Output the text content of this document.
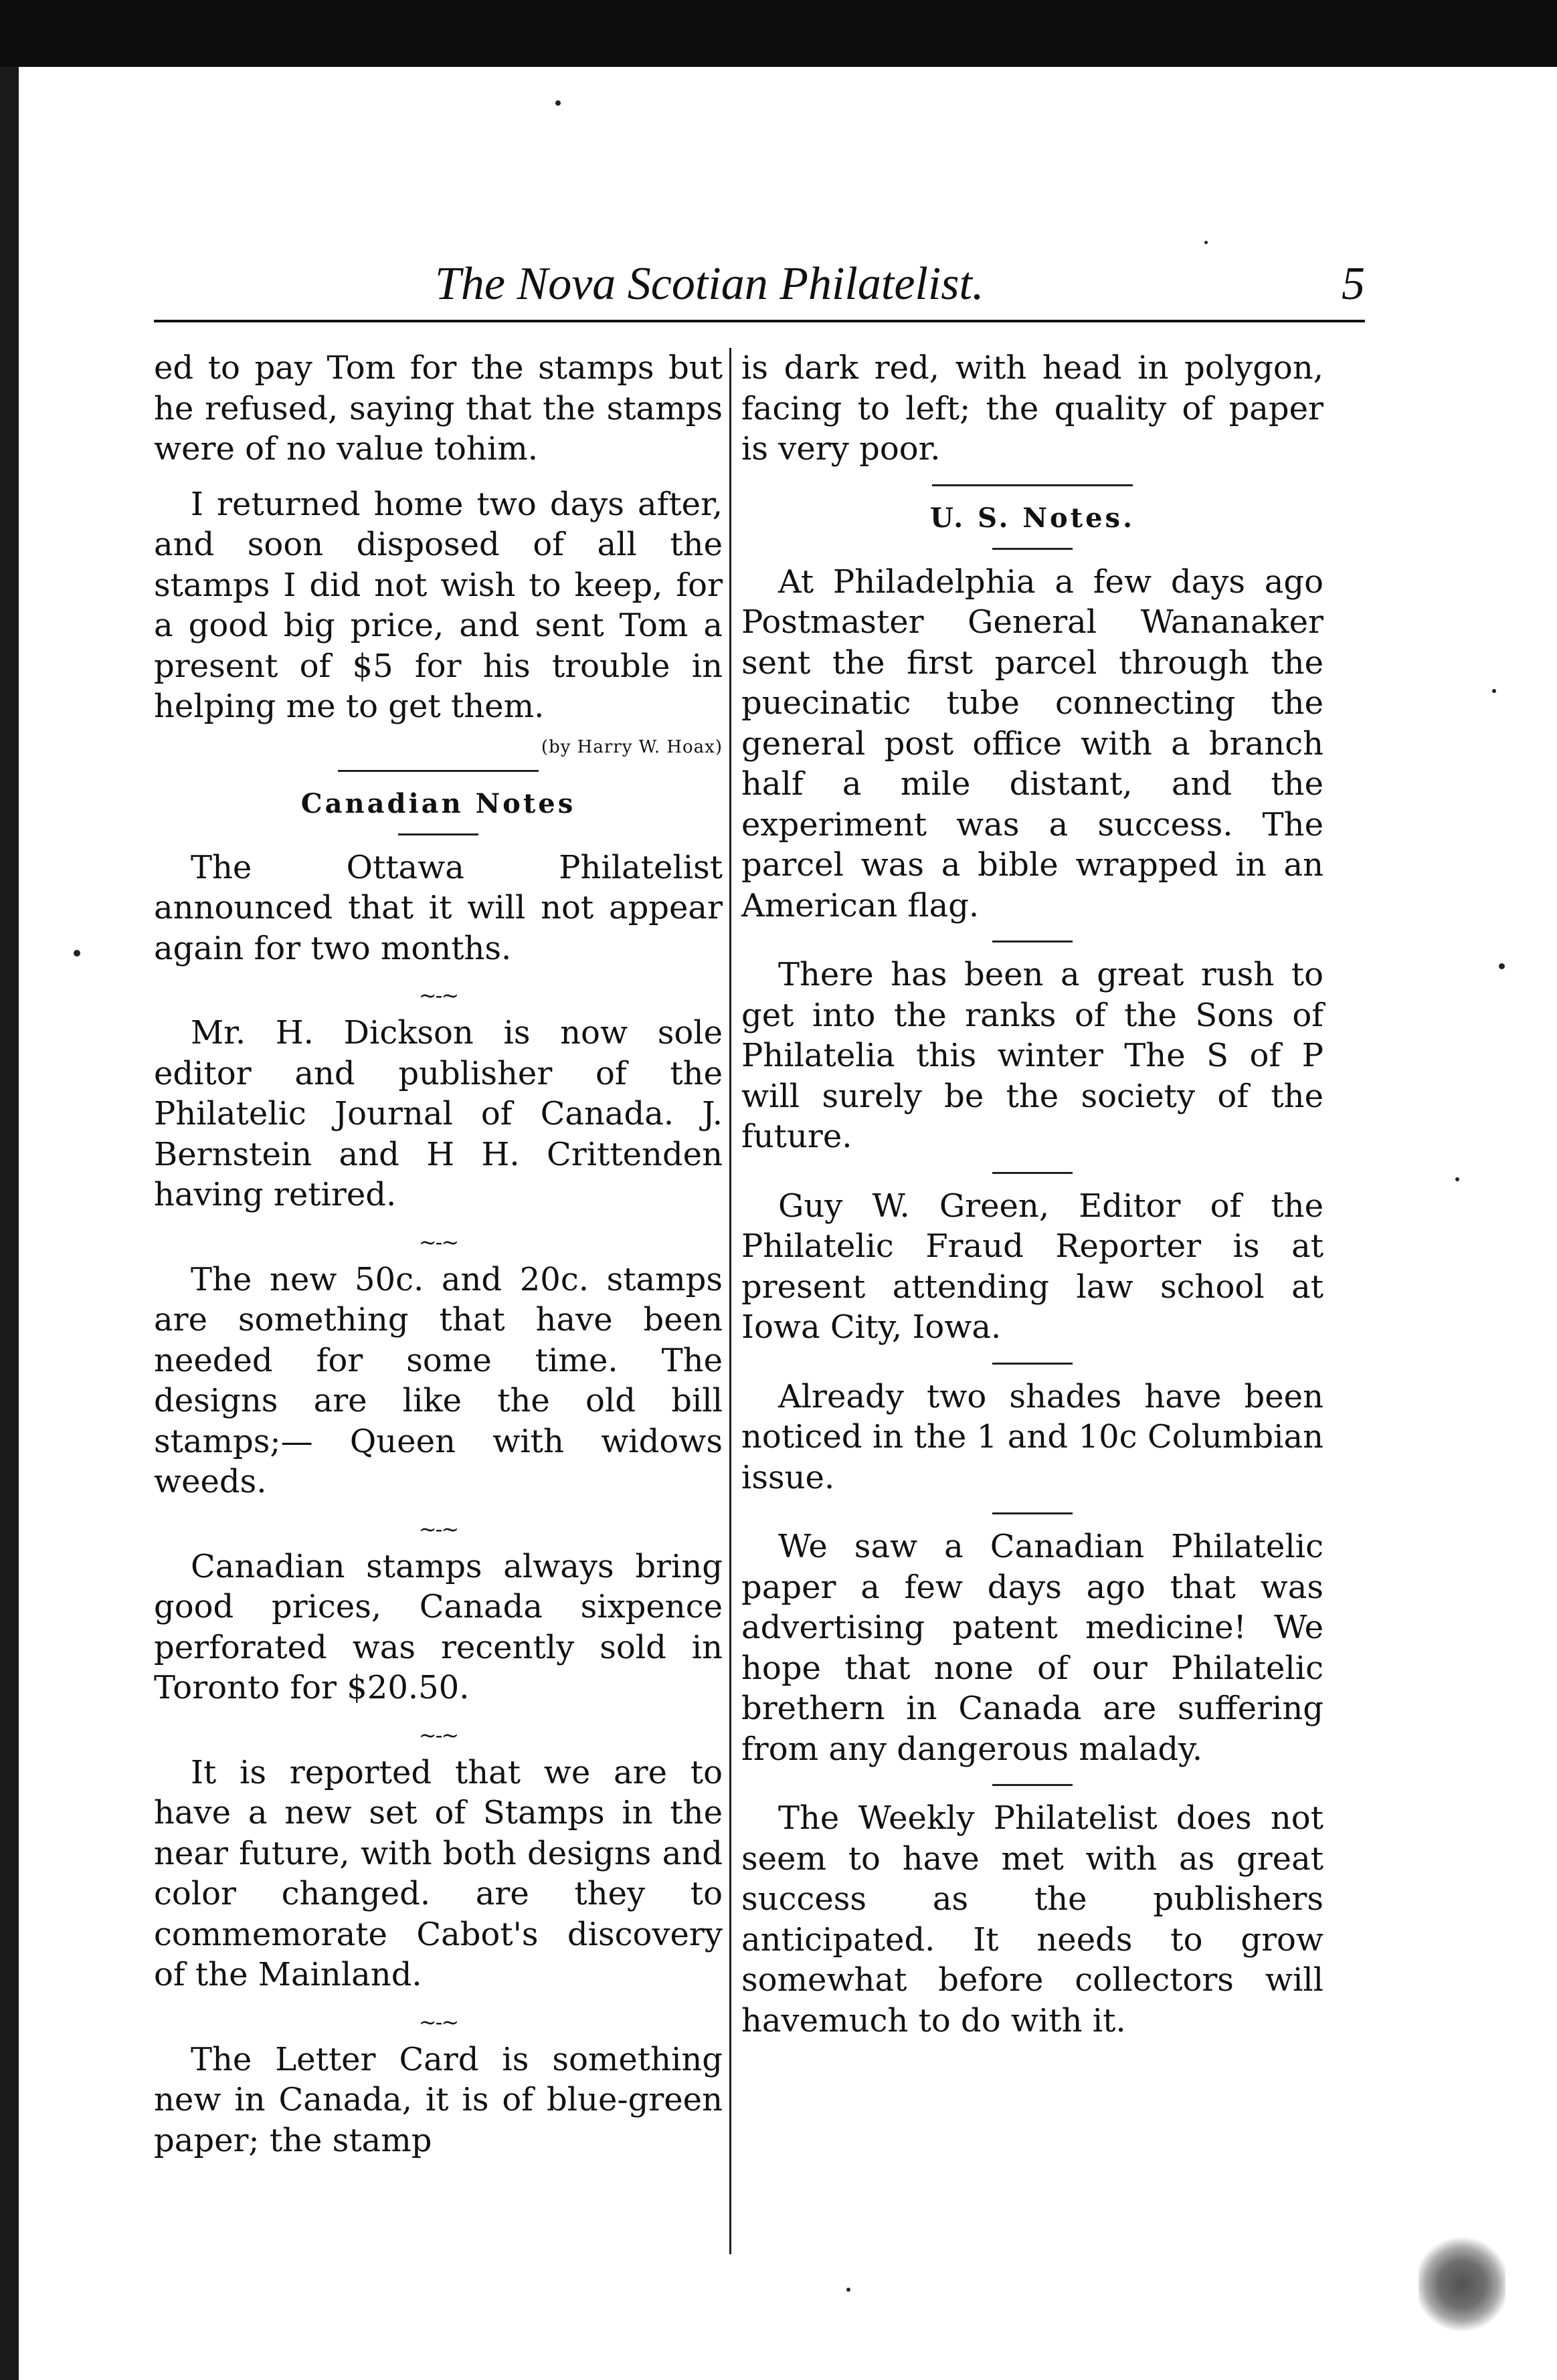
The Nova Scotian Philatelist.	5

ed to pay Tom for the stamps but he refused, saying that the stamps were of no value tohim.

I returned home two days after, and soon disposed of all the stamps I did not wish to keep, for a good big price, and sent Tom a present of $5 for his trouble in helping me to get them.

(by Harry W. Hoax)
Canadian Notes

The Ottawa Philatelist announced that it will not appear again for two months.

~‐~

Mr. H. Dickson is now sole editor and publisher of the Philatelic Journal of Canada. J. Bernstein and H H. Crittenden having retired.

~‐~

The new 50c. and 20c. stamps are something that have been needed for some time. The designs are like the old bill stamps;— Queen with widows weeds.

~‐~

Canadian stamps always bring good prices, Canada sixpence perforated was recently sold in Toronto for $20.50.

~‐~

It is reported that we are to have a new set of Stamps in the near future, with both designs and color changed. are they to commemorate Cabot's discovery of the Mainland.

~‐~

The Letter Card is something new in Canada, it is of blue-green paper; the stamp

is dark red, with head in polygon, facing to left; the quality of paper is very poor.

U. S. Notes.

At Philadelphia a few days ago Postmaster General Wananaker sent the first parcel through the puecinatic tube connecting the general post office with a branch half a mile distant, and the experiment was a success. The parcel was a bible wrapped in an American flag.

There has been a great rush to get into the ranks of the Sons of Philatelia this winter The S of P will surely be the society of the future.

Guy W. Green, Editor of the Philatelic Fraud Reporter is at present attending law school at Iowa City, Iowa.

Already two shades have been noticed in the 1 and 10c Columbian issue.

We saw a Canadian Philatelic paper a few days ago that was advertising patent medicine! We hope that none of our Philatelic brethern in Canada are suffering from any dangerous malady.

The Weekly Philatelist does not seem to have met with as great success as the publishers anticipated. It needs to grow somewhat before collectors will havemuch to do with it.
